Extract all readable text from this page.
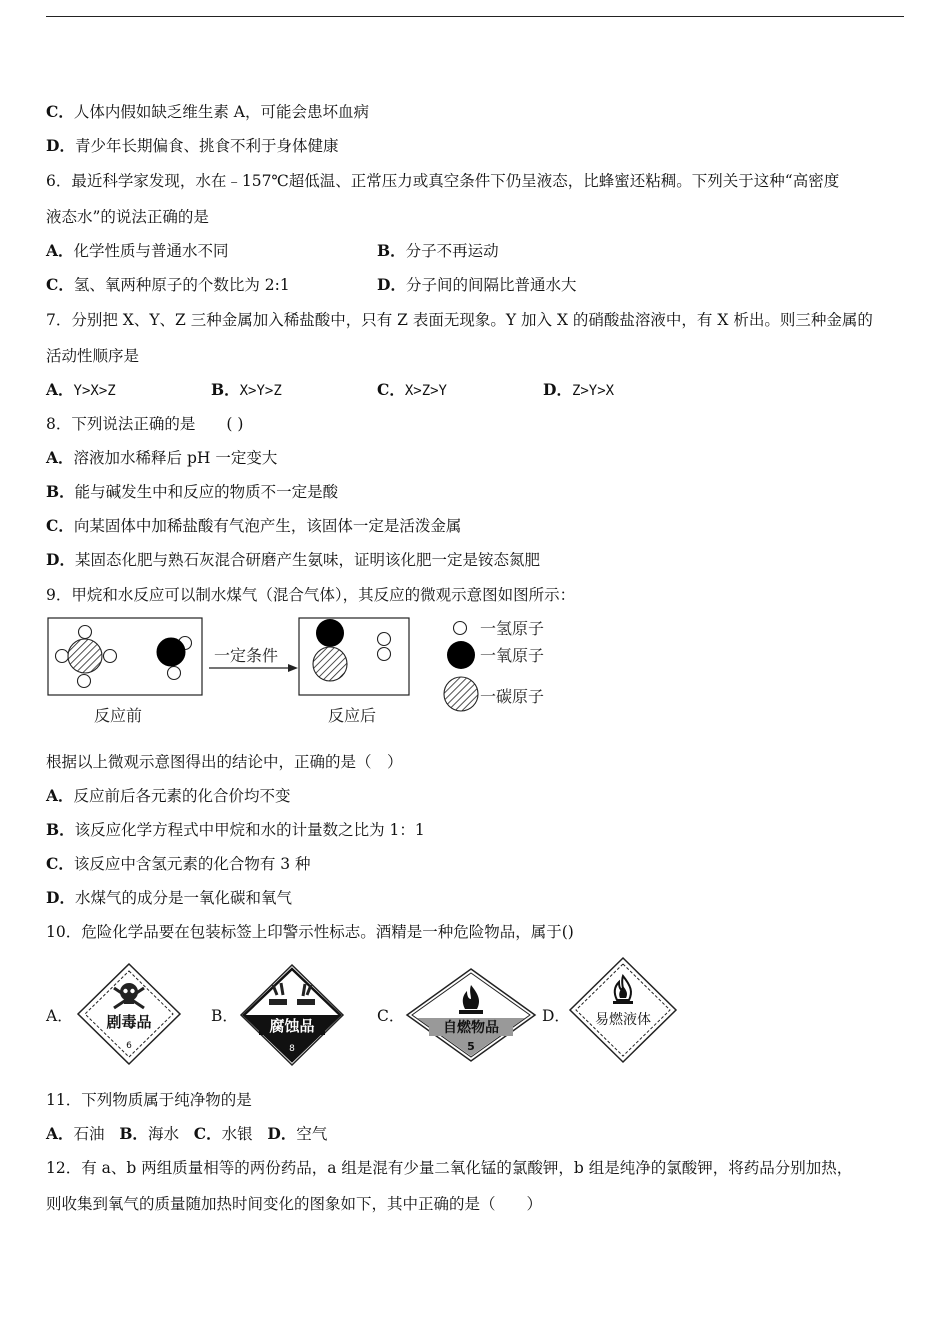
C．人体内假如缺乏维生素 A，可能会患坏血病
D．青少年长期偏食、挑食不利于身体健康
6．最近科学家发现，水在﹣157℃超低温、正常压力或真空条件下仍呈液态，比蜂蜜还粘稠。下列关于这种“高密度
液态水”的说法正确的是
A．化学性质与普通水不同	B．分子不再运动
C．氢、氧两种原子的个数比为 2:1	D．分子间的间隔比普通水大
7．分别把 X、Y、Z 三种金属加入稀盐酸中，只有 Z 表面无现象。Y 加入 X 的硝酸盐溶液中，有 X 析出。则三种金属的
活动性顺序是
A．Y>X>Z	B．X>Y>Z	C．X>Z>Y	D．Z>Y>X
8．下列说法正确的是　　( )
A．溶液加水稀释后 pH 一定变大
B．能与碱发生中和反应的物质不一定是酸
C．向某固体中加稀盐酸有气泡产生，该固体一定是活泼金属
D．某固态化肥与熟石灰混合研磨产生氨味，证明该化肥一定是铵态氮肥
9．甲烷和水反应可以制水煤气（混合气体），其反应的微观示意图如图所示：
一定条件
反应前	反应后
一氢原子
一氧原子
一碳原子
根据以上微观示意图得出的结论中，正确的是（　）
A．反应前后各元素的化合价均不变
B．该反应化学方程式中甲烷和水的计量数之比为 1：1
C．该反应中含氢元素的化合物有 3 种
D．水煤气的成分是一氧化碳和氧气
10．危险化学品要在包装标签上印警示性标志。酒精是一种危险物品，属于()
A． 剧毒品
6
B．
腐蚀品
8
C．
自燃物品
5
D． 易燃液体
11．下列物质属于纯净物的是
A．石油 B．海水 C．水银 D．空气
12．有 a、b 两组质量相等的两份药品，a 组是混有少量二氧化锰的氯酸钾，b 组是纯净的氯酸钾，将药品分别加热，
则收集到氧气的质量随加热时间变化的图象如下，其中正确的是（　　）
